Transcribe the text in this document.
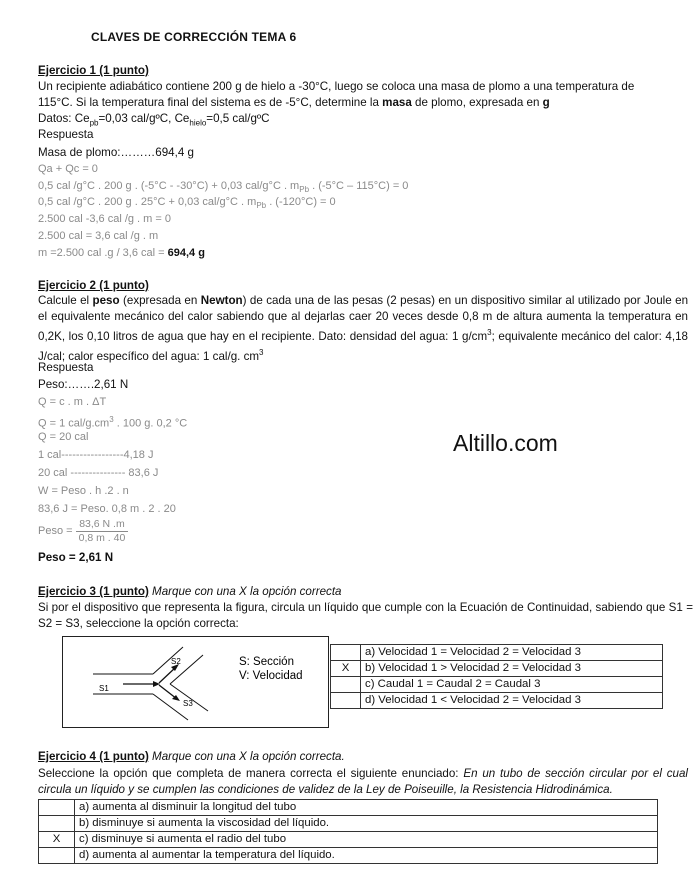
CLAVES DE CORRECCIÓN TEMA 6
Ejercicio 1 (1 punto)
Un recipiente adiabático contiene 200 g de hielo a -30°C, luego se coloca una masa de plomo a una temperatura de
115°C. Si la temperatura final del sistema es de -5°C, determine la masa de plomo, expresada en g
Datos: $Ce_{pb}=0,03$ cal/gºC, $Ce_{hielo}=0,5$ cal/gºC
Respuesta
Masa de plomo:………694,4 g
Qa + Qc = 0
0,5 cal /g°C . 200 g . (-5°C - -30°C) + 0,03 cal/g°C . $m_{Pb}$ . (-5°C – 115°C) = 0
0,5 cal /g°C . 200 g . 25°C + 0,03 cal/g°C . $m_{Pb}$ . (-120°C) = 0
2.500 cal -3,6 cal /g . m = 0
2.500 cal = 3,6 cal /g . m
m =2.500 cal .g / 3,6 cal = 694,4 g
Ejercicio 2 (1 punto)
Calcule el peso (expresada en Newton) de cada una de las pesas (2 pesas) en un dispositivo similar al utilizado por Joule en el equivalente mecánico del calor sabiendo que al dejarlas caer 20 veces desde 0,8 m de altura aumenta la temperatura en 0,2K, los 0,10 litros de agua que hay en el recipiente. Dato: densidad del agua: 1 $g/cm^3$; equivalente mecánico del calor: 4,18 J/cal; calor específico del agua: 1 cal/g. $cm^3$
Respuesta
Peso:…….2,61 N
Q = c . m . ΔT
Q = 1 cal/$g.cm^3$ . 100 g. 0,2 °C
Q = 20 cal
1 cal-----------------4,18 J
20 cal --------------- 83,6 J
W = Peso . h .2 . n
83,6 J = Peso. 0,8 m . 2 . 20
Peso = $\frac{83,6 N .m}{0,8 m . 40}$
Peso = 2,61 N
Altillo.com
Ejercicio 3 (1 punto) Marque con una X la opción correcta
Si por el dispositivo que representa la figura, circula un líquido que cumple con la Ecuación de Continuidad, sabiendo que S1 = S2 = S3, seleccione la opción correcta:
S1
S2
S3
S: Sección
V: Velocidad
	a) Velocidad 1 = Velocidad 2 = Velocidad 3
X	b) Velocidad 1 > Velocidad 2 = Velocidad 3
	c) Caudal 1 = Caudal 2 = Caudal 3
	d) Velocidad 1 < Velocidad 2 = Velocidad 3
Ejercicio 4 (1 punto) Marque con una X la opción correcta.
Seleccione la opción que completa de manera correcta el siguiente enunciado: En un tubo de sección circular por el cual circula un líquido y se cumplen las condiciones de validez de la Ley de Poiseuille, la Resistencia Hidrodinámica.
	a) aumenta al disminuir la longitud del tubo
	b) disminuye si aumenta la viscosidad del líquido.
X	c) disminuye si aumenta el radio del tubo
	d) aumenta al aumentar la temperatura del líquido.
